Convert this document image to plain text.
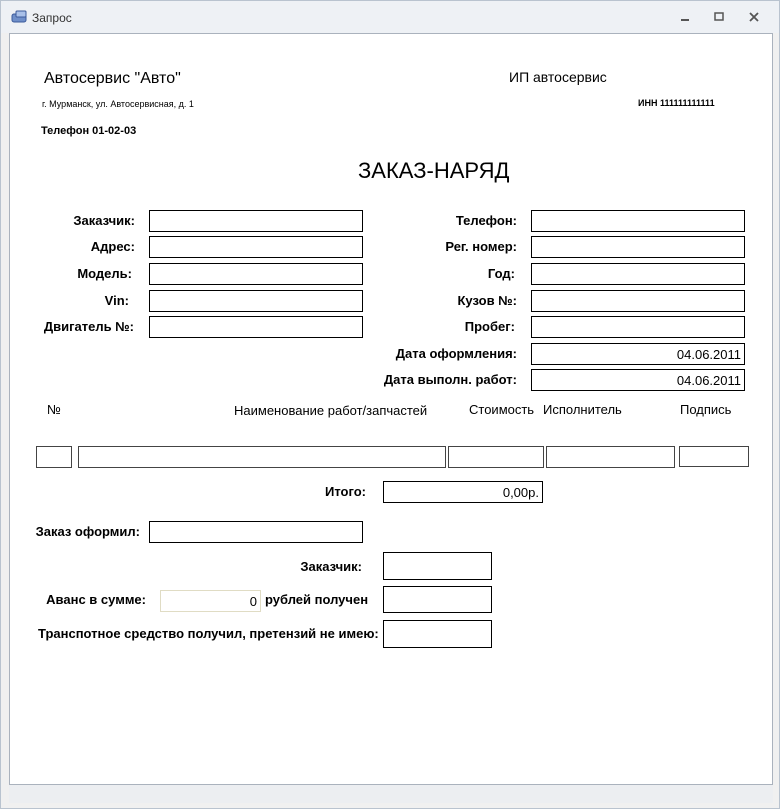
Запрос
Автосервис "Авто"
г. Мурманск, ул. Автосервисная, д. 1
Телефон 01-02-03
ИП автосервис
ИНН 111111111111
ЗАКАЗ-НАРЯД
Заказчик:
Адрес:
Модель:
Vin:
Двигатель №:
Телефон:
Рег. номер:
Год:
Кузов №:
Пробег:
Дата оформления:	04.06.2011
Дата выполн. работ:	04.06.2011
№	Наименование работ/запчастей	Стоимость Исполнитель	Подпись
Итого:	0,00р.
Заказ оформил:
Заказчик:
Аванс в сумме:	0 рублей получен
Транспотное средство получил, претензий не имею:
